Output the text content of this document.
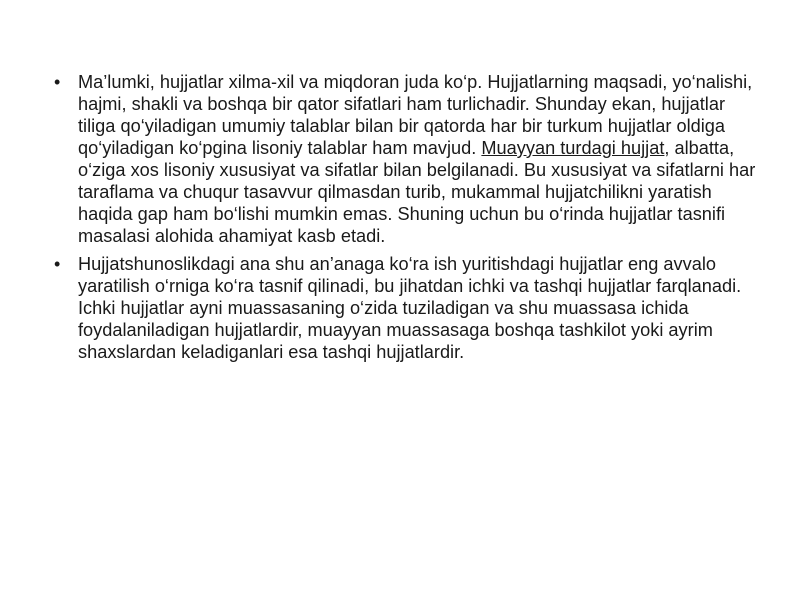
• Ma’lumki, hujjatlar xilma-xil va miqdoran juda ko‘p. Hujjatlarning maqsadi, yo‘nalishi, hajmi, shakli va boshqa bir qator sifatlari ham turlichadir. Shunday ekan, hujjatlar tiliga qo‘yiladigan umumiy talablar bilan bir qatorda har bir turkum hujjatlar oldiga qo‘yiladigan ko‘pgina lisoniy talablar ham mavjud. Muayyan turdagi hujjat, albatta, o‘ziga xos lisoniy xususiyat va sifatlar bilan belgilanadi. Bu xususiyat va sifatlarni har taraflama va chuqur tasavvur qilmasdan turib, mukammal hujjatchilikni yaratish haqida gap ham bo‘lishi mumkin emas. Shuning uchun bu o‘rinda hujjatlar tasnifi masalasi alohida ahamiyat kasb etadi.
• Hujjatshunoslikdagi ana shu an’anaga ko‘ra ish yuritishdagi hujjatlar eng avvalo yaratilish o‘rniga ko‘ra tasnif qilinadi, bu jihatdan ichki va tashqi hujjatlar farqlanadi. Ichki hujjatlar ayni muassasaning o‘zida tuziladigan va shu muassasa ichida foydalaniladigan hujjatlardir, muayyan muassasaga boshqa tashkilot yoki ayrim shaxslardan keladiganlari esa tashqi hujjatlardir.
